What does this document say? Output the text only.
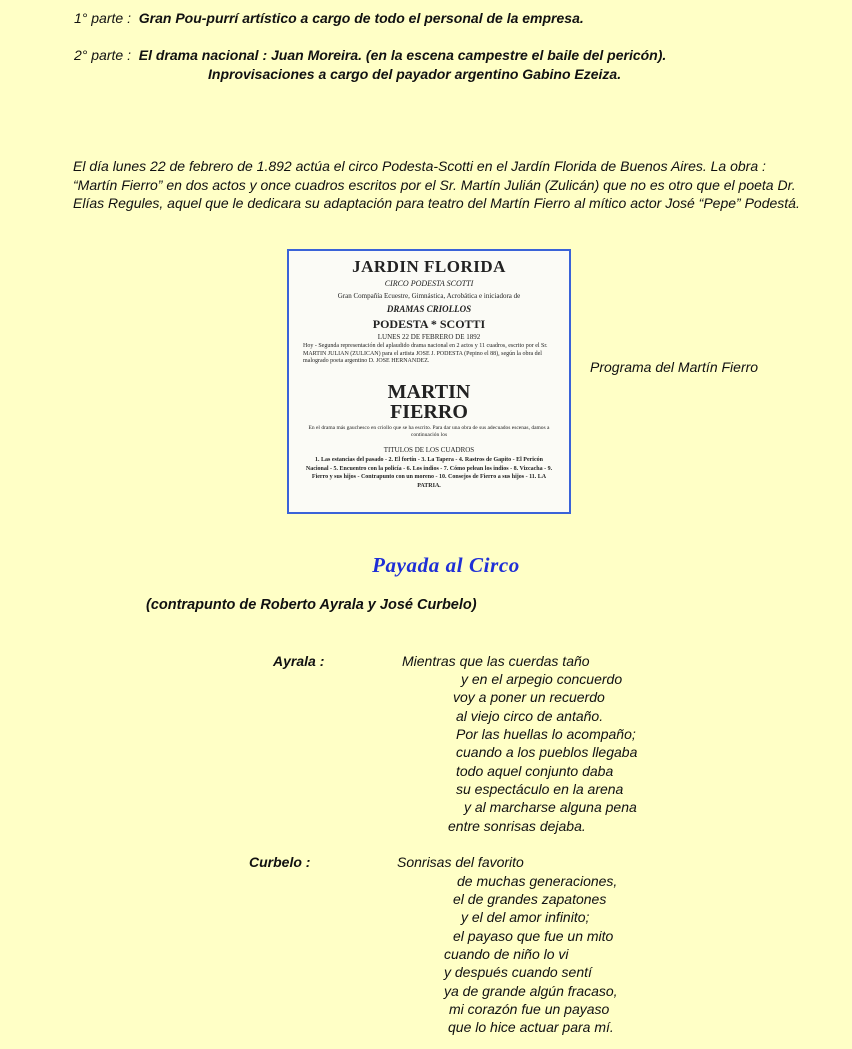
1° parte : Gran Pou-purrí artístico a cargo de todo el personal de la empresa.
2° parte : El drama nacional : Juan Moreira. (en la escena campestre el baile del pericón).
Inprovisaciones a cargo del payador argentino Gabino Ezeiza.
El día lunes 22 de febrero de 1.892 actúa el circo Podesta-Scotti en el Jardín Florida de Buenos Aires. La obra : “Martín Fierro” en dos actos y once cuadros escritos por el Sr. Martín Julián (Zulicán) que no es otro que el poeta Dr. Elías Regules, aquel que le dedicara su adaptación para teatro del Martín Fierro al mítico actor José “Pepe” Podestá.
JARDIN FLORIDA
CIRCO PODESTA SCOTTI
Gran Compañía Ecuestre, Gimnástica, Acrobática e iniciadora de
DRAMAS CRIOLLOS
PODESTA * SCOTTI
LUNES 22 DE FEBRERO DE 1892
Hoy - Segunda representación del aplaudido drama nacional en 2 actos y 11 cuadros, escrito por el Sr. MARTIN JULIAN (ZULICAN) para el artista JOSE J. PODESTA (Pepino el 88), según la obra del malogrado poeta argentino D. JOSE HERNANDEZ.
MARTIN
FIERRO
En el drama más gauchesco en criollo que se ha escrito. Para dar una obra de sus adecuados escenas, damos a continuación los
TITULOS DE LOS CUADROS
1. Las estancias del pasado - 2. El fortín - 3. La Tapera - 4. Rastros de Gapito - El Pericón Nacional - 5. Encuentro con la policía - 6. Los indios - 7. Cómo pelean los indios - 8. Vizcacha - 9. Fierro y sus hijos - Contrapunto con un moreno - 10. Consejos de Fierro a sus hijos - 11. LA PATRIA.
Programa del Martín Fierro
Payada al Circo
(contrapunto de Roberto Ayrala y José Curbelo)
Ayrala :	Mientras que las cuerdas taño
y en el arpegio concuerdo
voy a poner un recuerdo
al viejo circo de antaño.
Por las huellas lo acompaño;
cuando a los pueblos llegaba
todo aquel conjunto daba
su espectáculo en la arena
y al marcharse alguna pena
entre sonrisas dejaba.
Curbelo :	Sonrisas del favorito
de muchas generaciones,
el de grandes zapatones
y el del amor infinito;
el payaso que fue un mito
cuando de niño lo vi
y después cuando sentí
ya de grande algún fracaso,
mi corazón fue un payaso
que lo hice actuar para mí.
